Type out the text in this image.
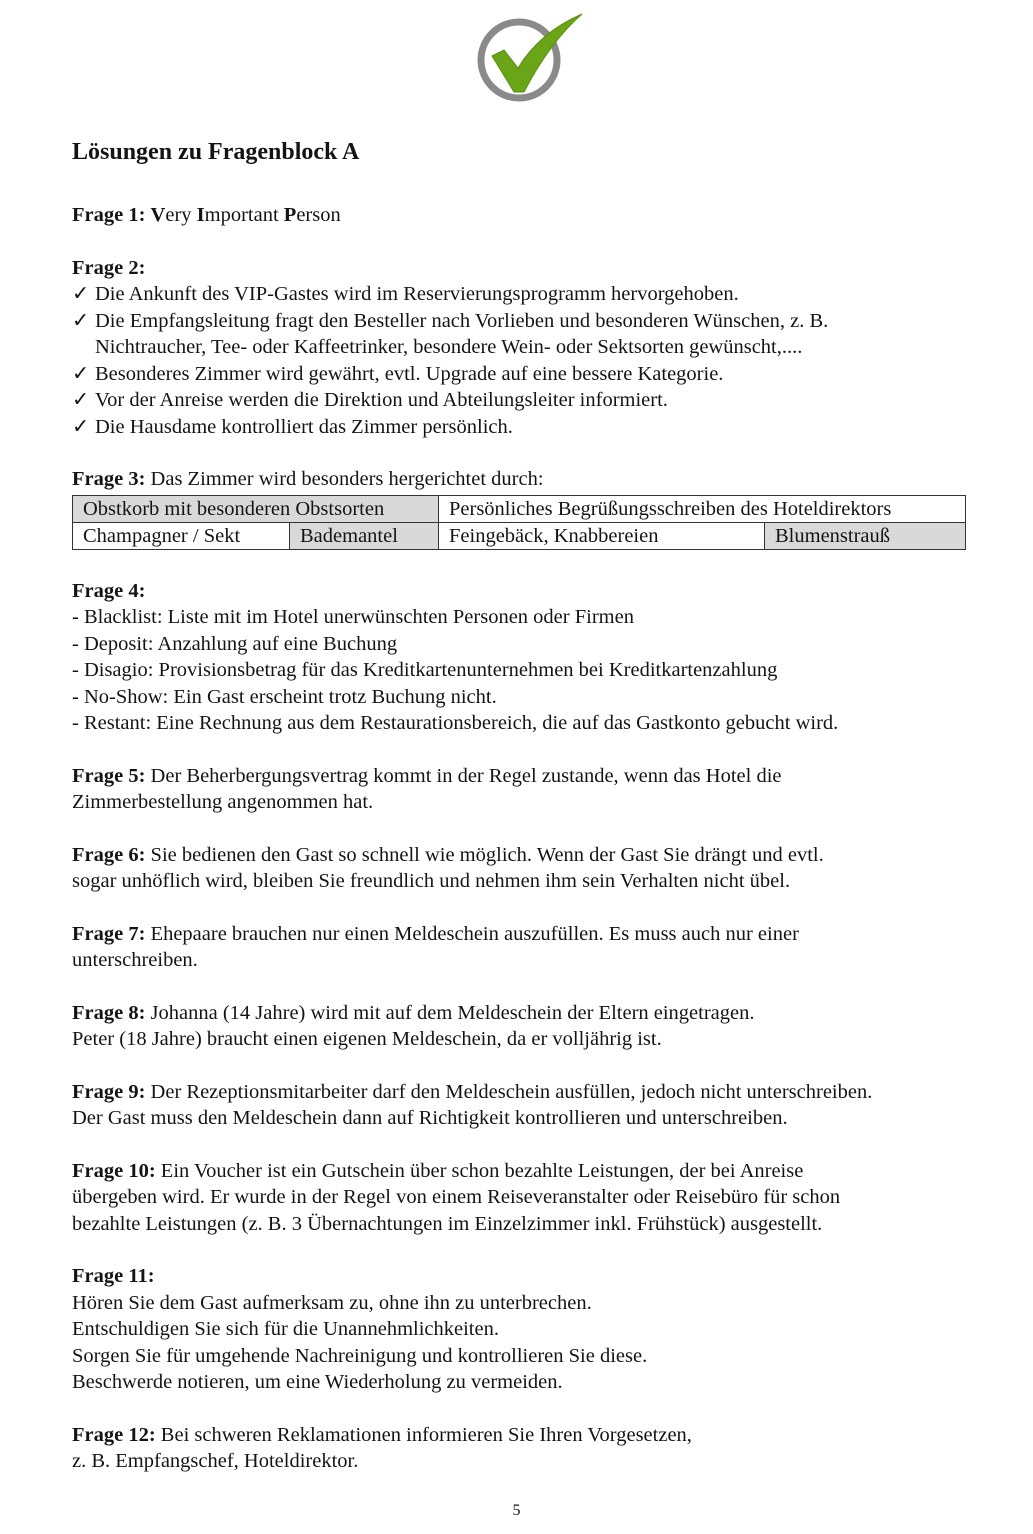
Lösungen zu Fragenblock A
Frage 1: Very Important Person
Frage 2:
✓ Die Ankunft des VIP-Gastes wird im Reservierungsprogramm hervorgehoben.
✓ Die Empfangsleitung fragt den Besteller nach Vorlieben und besonderen Wünschen, z. B. Nichtraucher, Tee- oder Kaffeetrinker, besondere Wein- oder Sektsorten gewünscht,....
✓ Besonderes Zimmer wird gewährt, evtl. Upgrade auf eine bessere Kategorie.
✓ Vor der Anreise werden die Direktion und Abteilungsleiter informiert.
✓ Die Hausdame kontrolliert das Zimmer persönlich.
Frage 3: Das Zimmer wird besonders hergerichtet durch:
Obstkorb mit besonderen Obstsorten		Persönliches Begrüßungsschreiben des Hoteldirektors	
Champagner / Sekt	Bademantel	Feingebäck, Knabbereien	Blumenstrauß
Frage 4:
- Blacklist: Liste mit im Hotel unerwünschten Personen oder Firmen
- Deposit: Anzahlung auf eine Buchung
- Disagio: Provisionsbetrag für das Kreditkartenunternehmen bei Kreditkartenzahlung
- No-Show: Ein Gast erscheint trotz Buchung nicht.
- Restant: Eine Rechnung aus dem Restaurationsbereich, die auf das Gastkonto gebucht wird.
Frage 5: Der Beherbergungsvertrag kommt in der Regel zustande, wenn das Hotel die
Zimmerbestellung angenommen hat.
Frage 6: Sie bedienen den Gast so schnell wie möglich. Wenn der Gast Sie drängt und evtl.
sogar unhöflich wird, bleiben Sie freundlich und nehmen ihm sein Verhalten nicht übel.
Frage 7: Ehepaare brauchen nur einen Meldeschein auszufüllen. Es muss auch nur einer
unterschreiben.
Frage 8: Johanna (14 Jahre) wird mit auf dem Meldeschein der Eltern eingetragen.
Peter (18 Jahre) braucht einen eigenen Meldeschein, da er volljährig ist.
Frage 9: Der Rezeptionsmitarbeiter darf den Meldeschein ausfüllen, jedoch nicht unterschreiben.
Der Gast muss den Meldeschein dann auf Richtigkeit kontrollieren und unterschreiben.
Frage 10: Ein Voucher ist ein Gutschein über schon bezahlte Leistungen, der bei Anreise
übergeben wird. Er wurde in der Regel von einem Reiseveranstalter oder Reisebüro für schon
bezahlte Leistungen (z. B. 3 Übernachtungen im Einzelzimmer inkl. Frühstück) ausgestellt.
Frage 11:
Hören Sie dem Gast aufmerksam zu, ohne ihn zu unterbrechen.
Entschuldigen Sie sich für die Unannehmlichkeiten.
Sorgen Sie für umgehende Nachreinigung und kontrollieren Sie diese.
Beschwerde notieren, um eine Wiederholung zu vermeiden.
Frage 12: Bei schweren Reklamationen informieren Sie Ihren Vorgesetzen,
z. B. Empfangschef, Hoteldirektor.
5
